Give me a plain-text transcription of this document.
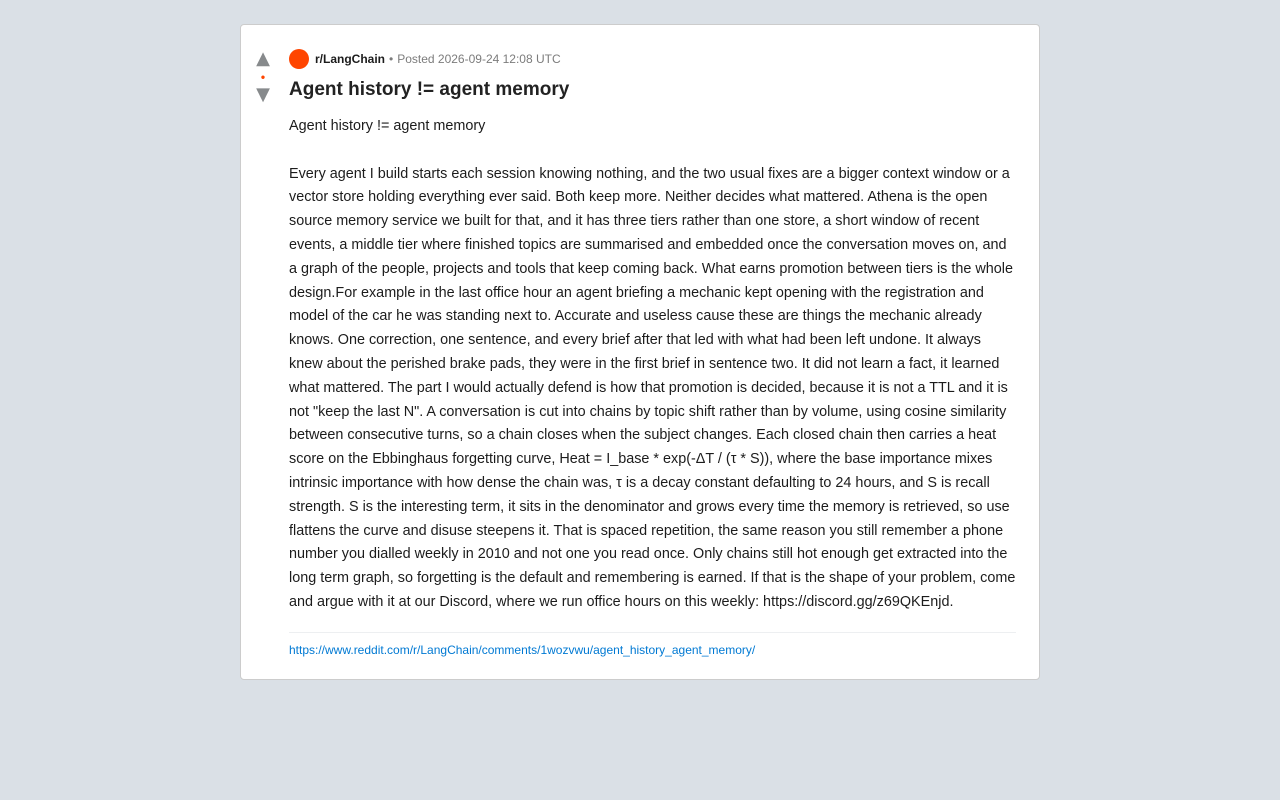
▲
•
▼
r/LangChain • Posted 2026-09-24 12:08 UTC
Agent history != agent memory

Agent history != agent memory

Every agent I build starts each session knowing nothing, and the two usual fixes are a bigger context window or a vector store holding everything ever said. Both keep more. Neither decides what mattered. Athena is the open source memory service we built for that, and it has three tiers rather than one store, a short window of recent events, a middle tier where finished topics are summarised and embedded once the conversation moves on, and a graph of the people, projects and tools that keep coming back. What earns promotion between tiers is the whole design.For example in the last office hour an agent briefing a mechanic kept opening with the registration and model of the car he was standing next to. Accurate and useless cause these are things the mechanic already knows. One correction, one sentence, and every brief after that led with what had been left undone. It always knew about the perished brake pads, they were in the first brief in sentence two. It did not learn a fact, it learned what mattered. The part I would actually defend is how that promotion is decided, because it is not a TTL and it is not "keep the last N". A conversation is cut into chains by topic shift rather than by volume, using cosine similarity between consecutive turns, so a chain closes when the subject changes. Each closed chain then carries a heat score on the Ebbinghaus forgetting curve, Heat = I_base * exp(-ΔT / (τ * S)), where the base importance mixes intrinsic importance with how dense the chain was, τ is a decay constant defaulting to 24 hours, and S is recall strength. S is the interesting term, it sits in the denominator and grows every time the memory is retrieved, so use flattens the curve and disuse steepens it. That is spaced repetition, the same reason you still remember a phone number you dialled weekly in 2010 and not one you read once. Only chains still hot enough get extracted into the long term graph, so forgetting is the default and remembering is earned. If that is the shape of your problem, come and argue with it at our Discord, where we run office hours on this weekly: https://discord.gg/z69QKEnjd.

https://www.reddit.com/r/LangChain/comments/1wozvwu/agent_history_agent_memory/
